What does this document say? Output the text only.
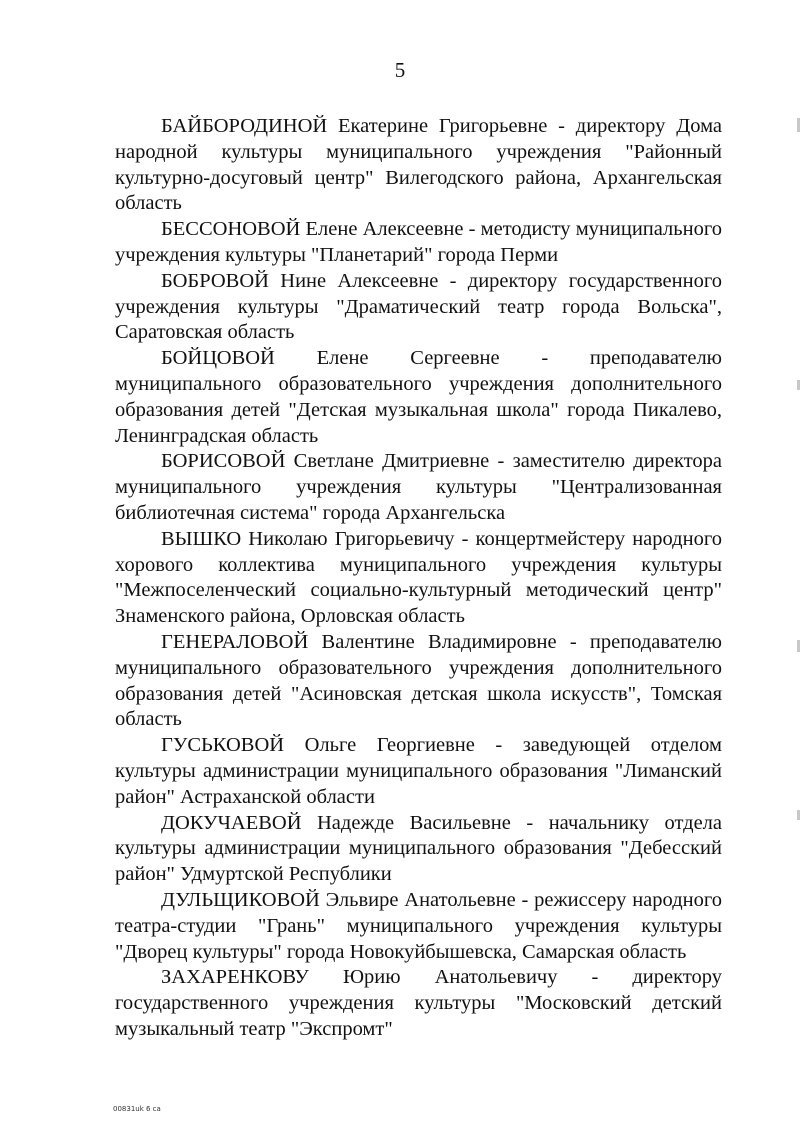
5

БАЙБОРОДИНОЙ Екатерине Григорьевне - директору Дома народной культуры муниципального учреждения "Районный культурно-досуговый центр" Вилегодского района, Архангельская область

БЕССОНОВОЙ Елене Алексеевне - методисту муниципального учреждения культуры "Планетарий" города Перми

БОБРОВОЙ Нине Алексеевне - директору государственного учреждения культуры "Драматический театр города Вольска", Саратовская область

БОЙЦОВОЙ Елене Сергеевне - преподавателю муниципального образовательного учреждения дополнительного образования детей "Детская музыкальная школа" города Пикалево, Ленинградская область

БОРИСОВОЙ Светлане Дмитриевне - заместителю директора муниципального учреждения культуры "Централизованная библиотечная система" города Архангельска

ВЫШКО Николаю Григорьевичу - концертмейстеру народного хорового коллектива муниципального учреждения культуры "Межпоселенческий социально-культурный методический центр" Знаменского района, Орловская область

ГЕНЕРАЛОВОЙ Валентине Владимировне - преподавателю муниципального образовательного учреждения дополнительного образования детей "Асиновская детская школа искусств", Томская область

ГУСЬКОВОЙ Ольге Георгиевне - заведующей отделом культуры администрации муниципального образования "Лиманский район" Астраханской области

ДОКУЧАЕВОЙ Надежде Васильевне - начальнику отдела культуры администрации муниципального образования "Дебесский район" Удмуртской Республики

ДУЛЬЩИКОВОЙ Эльвире Анатольевне - режиссеру народного театра-студии "Грань" муниципального учреждения культуры "Дворец культуры" города Новокуйбышевска, Самарская область

ЗАХАРЕНКОВУ Юрию Анатольевичу - директору государственного учреждения культуры "Московский детский музыкальный театр "Экспромт"

00831uk 6 ca
